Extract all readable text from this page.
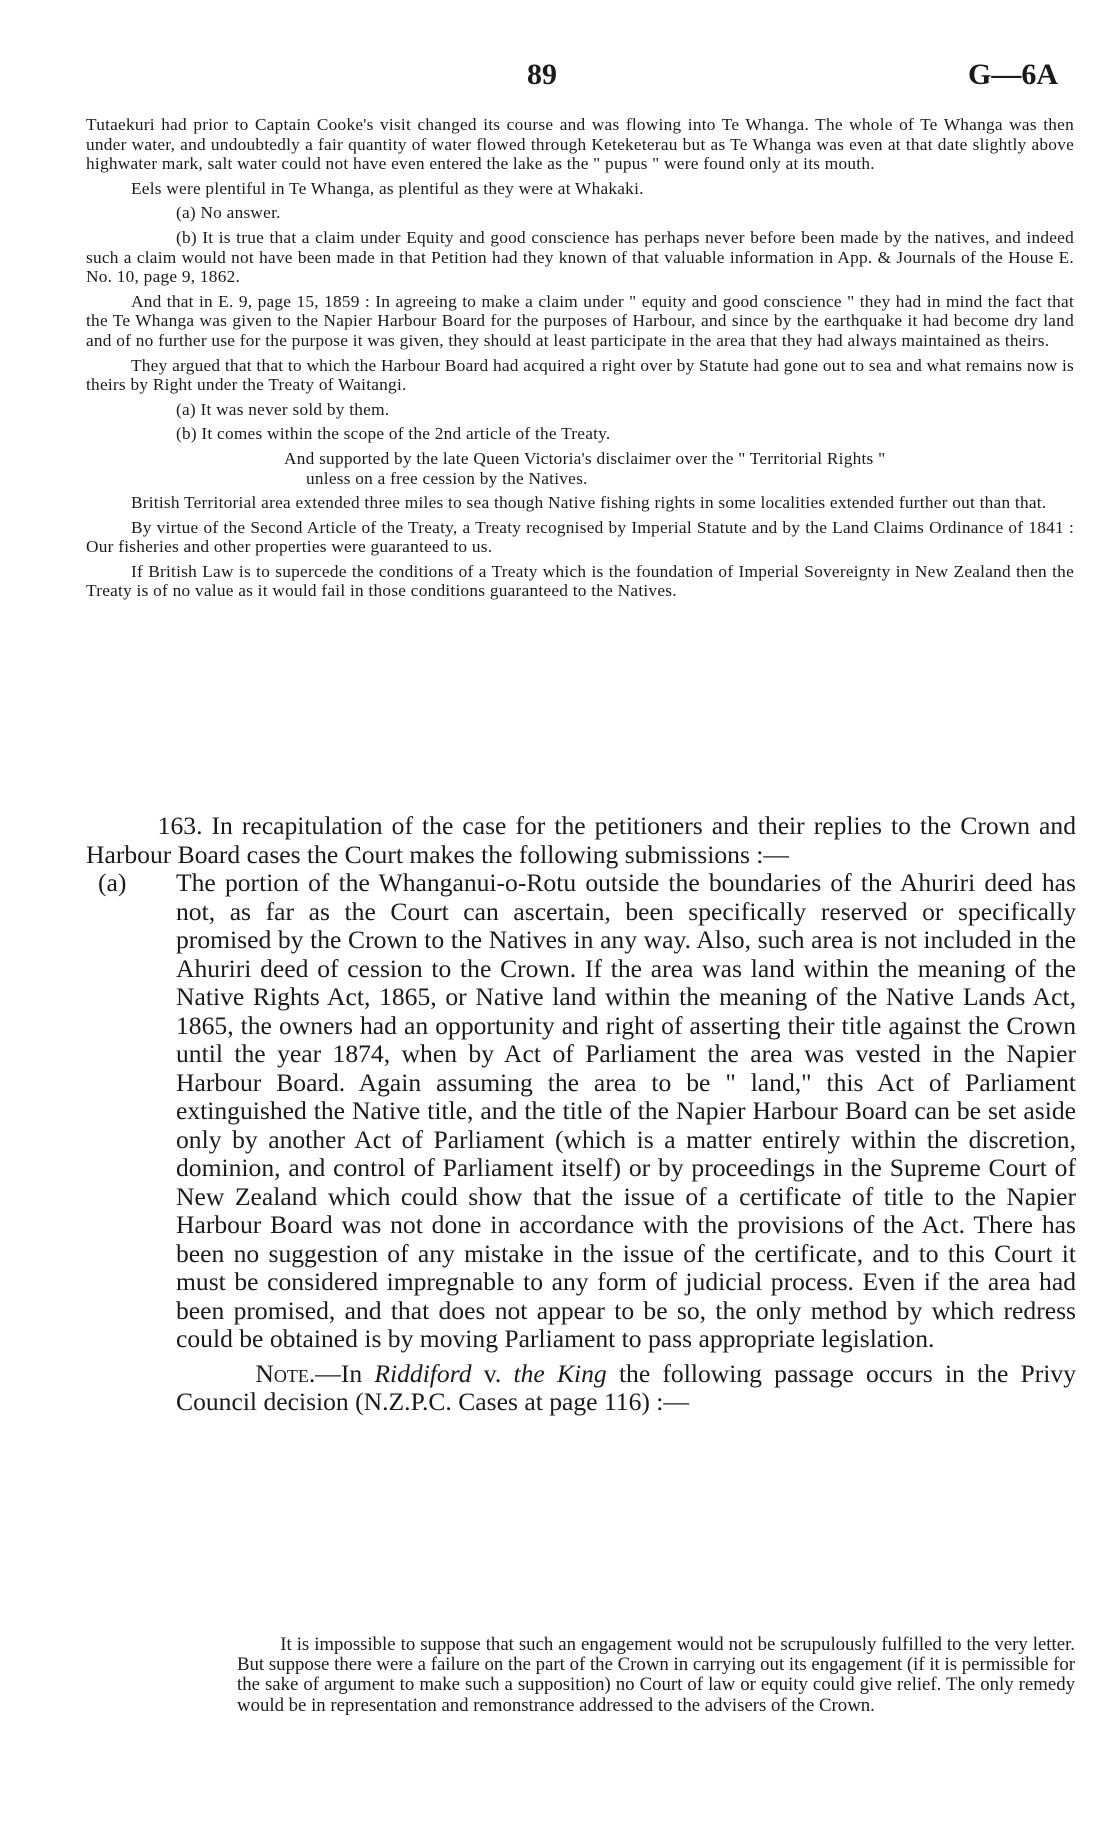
89	G—6A

Tutaekuri had prior to Captain Cooke's visit changed its course and was flowing into Te Whanga. The whole of Te Whanga was then under water, and undoubtedly a fair quantity of water flowed through Keteketerau but as Te Whanga was even at that date slightly above highwater mark, salt water could not have even entered the lake as the " pupus " were found only at its mouth.

Eels were plentiful in Te Whanga, as plentiful as they were at Whakaki.

(a) No answer.

(b) It is true that a claim under Equity and good conscience has perhaps never before been made by the natives, and indeed such a claim would not have been made in that Petition had they known of that valuable information in App. & Journals of the House E. No. 10, page 9, 1862.

And that in E. 9, page 15, 1859 : In agreeing to make a claim under " equity and good conscience " they had in mind the fact that the Te Whanga was given to the Napier Harbour Board for the purposes of Harbour, and since by the earthquake it had become dry land and of no further use for the purpose it was given, they should at least participate in the area that they had always maintained as theirs.

They argued that that to which the Harbour Board had acquired a right over by Statute had gone out to sea and what remains now is theirs by Right under the Treaty of Waitangi.

(a) It was never sold by them.

(b) It comes within the scope of the 2nd article of the Treaty.

And supported by the late Queen Victoria's disclaimer over the " Territorial Rights "

unless on a free cession by the Natives.

British Territorial area extended three miles to sea though Native fishing rights in some localities extended further out than that.

By virtue of the Second Article of the Treaty, a Treaty recognised by Imperial Statute and by the Land Claims Ordinance of 1841 : Our fisheries and other properties were guaranteed to us.

If British Law is to supercede the conditions of a Treaty which is the foundation of Imperial Sovereignty in New Zealand then the Treaty is of no value as it would fail in those conditions guaranteed to the Natives.

163. In recapitulation of the case for the petitioners and their replies to the Crown and Harbour Board cases the Court makes the following submissions :—

(a) The portion of the Whanganui-o-Rotu outside the boundaries of the Ahuriri deed has not, as far as the Court can ascertain, been specifically reserved or specifically promised by the Crown to the Natives in any way. Also, such area is not included in the Ahuriri deed of cession to the Crown. If the area was land within the meaning of the Native Rights Act, 1865, or Native land within the meaning of the Native Lands Act, 1865, the owners had an opportunity and right of asserting their title against the Crown until the year 1874, when by Act of Parliament the area was vested in the Napier Harbour Board. Again assuming the area to be " land," this Act of Parliament extinguished the Native title, and the title of the Napier Harbour Board can be set aside only by another Act of Parliament (which is a matter entirely within the discretion, dominion, and control of Parliament itself) or by proceedings in the Supreme Court of New Zealand which could show that the issue of a certificate of title to the Napier Harbour Board was not done in accordance with the provisions of the Act. There has been no suggestion of any mistake in the issue of the certificate, and to this Court it must be considered impregnable to any form of judicial process. Even if the area had been promised, and that does not appear to be so, the only method by which redress could be obtained is by moving Parliament to pass appropriate legislation.

Note.—In Riddiford v. the King the following passage occurs in the Privy Council decision (N.Z.P.C. Cases at page 116) :—

It is impossible to suppose that such an engagement would not be scrupulously fulfilled to the very letter. But suppose there were a failure on the part of the Crown in carrying out its engagement (if it is permissible for the sake of argument to make such a supposition) no Court of law or equity could give relief. The only remedy would be in representation and remonstrance addressed to the advisers of the Crown.
